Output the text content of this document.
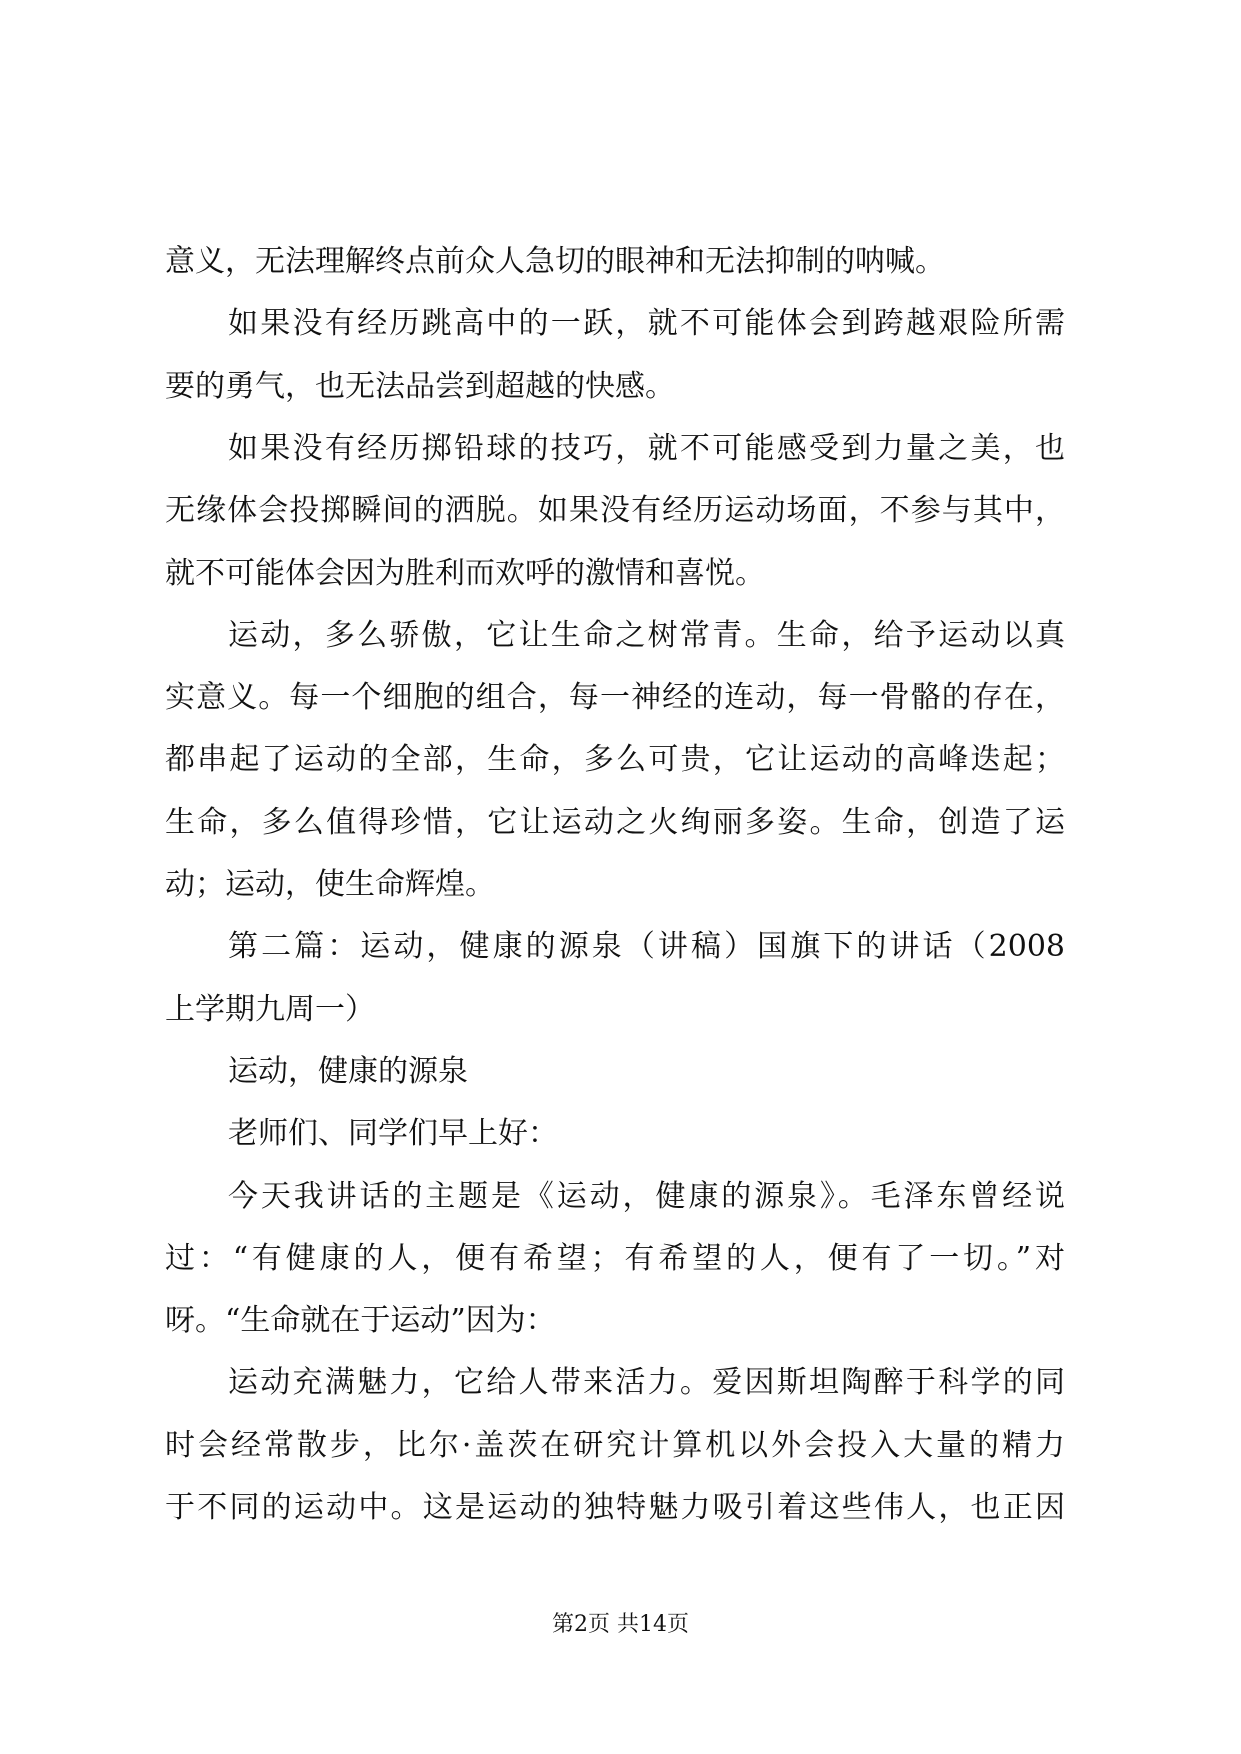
意义，无法理解终点前众人急切的眼神和无法抑制的呐喊。
如果没有经历跳高中的一跃，就不可能体会到跨越艰险所需
要的勇气，也无法品尝到超越的快感。
如果没有经历掷铅球的技巧，就不可能感受到力量之美，也
无缘体会投掷瞬间的洒脱。如果没有经历运动场面，不参与其中，
就不可能体会因为胜利而欢呼的激情和喜悦。
运动，多么骄傲，它让生命之树常青。生命，给予运动以真
实意义。每一个细胞的组合，每一神经的连动，每一骨骼的存在，
都串起了运动的全部，生命，多么可贵，它让运动的高峰迭起；
生命，多么值得珍惜，它让运动之火绚丽多姿。生命，创造了运
动；运动，使生命辉煌。
第二篇：运动，健康的源泉（讲稿）国旗下的讲话（2008
上学期九周一）
运动，健康的源泉
老师们、同学们早上好：
今天我讲话的主题是《运动，健康的源泉》。毛泽东曾经说
过：“有健康的人，便有希望；有希望的人，便有了一切。”对
呀。“生命就在于运动”因为：
运动充满魅力，它给人带来活力。爱因斯坦陶醉于科学的同
时会经常散步，比尔·盖茨在研究计算机以外会投入大量的精力
于不同的运动中。这是运动的独特魅力吸引着这些伟人，也正因
第2页 共14页
